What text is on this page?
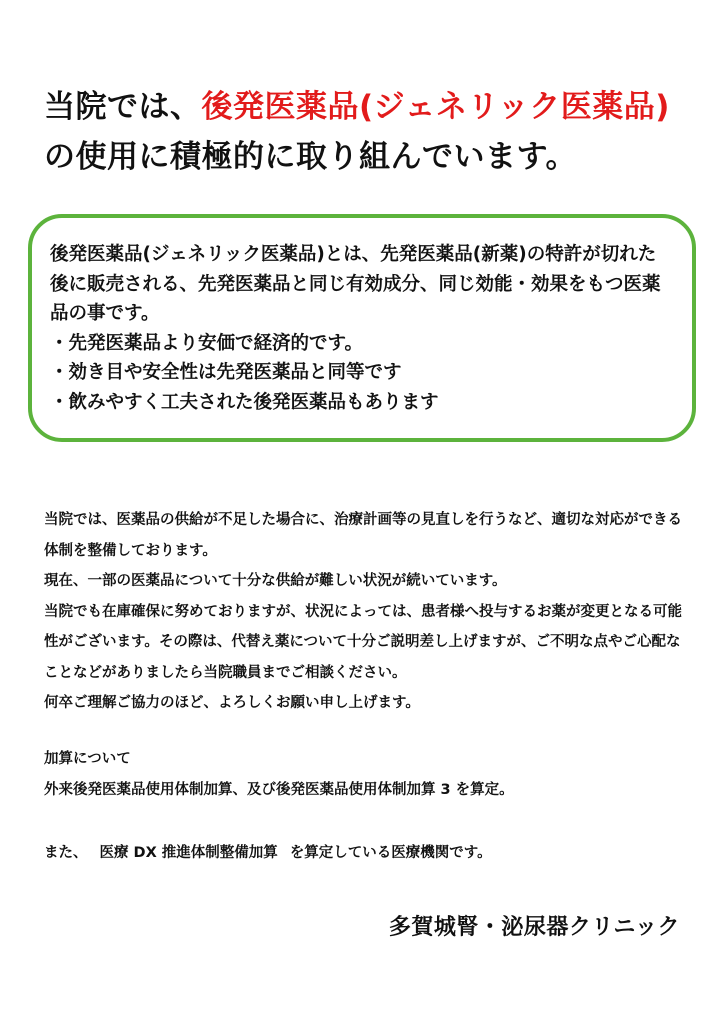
当院では、後発医薬品(ジェネリック医薬品)の使用に積極的に取り組んでいます。

後発医薬品(ジェネリック医薬品)とは、先発医薬品(新薬)の特許が切れた後に販売される、先発医薬品と同じ有効成分、同じ効能・効果をもつ医薬品の事です。

・先発医薬品より安価で経済的です。
・効き目や安全性は先発医薬品と同等です
・飲みやすく工夫された後発医薬品もあります

当院では、医薬品の供給が不足した場合に、治療計画等の見直しを行うなど、適切な対応ができる体制を整備しております。

現在、一部の医薬品について十分な供給が難しい状況が続いています。

当院でも在庫確保に努めておりますが、状況によっては、患者様へ投与するお薬が変更となる可能性がございます。その際は、代替え薬について十分ご説明差し上げますが、ご不明な点やご心配なことなどがありましたら当院職員までご相談ください。

何卒ご理解ご協力のほど、よろしくお願い申し上げます。

加算について

外来後発医薬品使用体制加算、及び後発医薬品使用体制加算 3 を算定。

また、 医療 DX 推進体制整備加算 を算定している医療機関です。

多賀城腎・泌尿器クリニック
